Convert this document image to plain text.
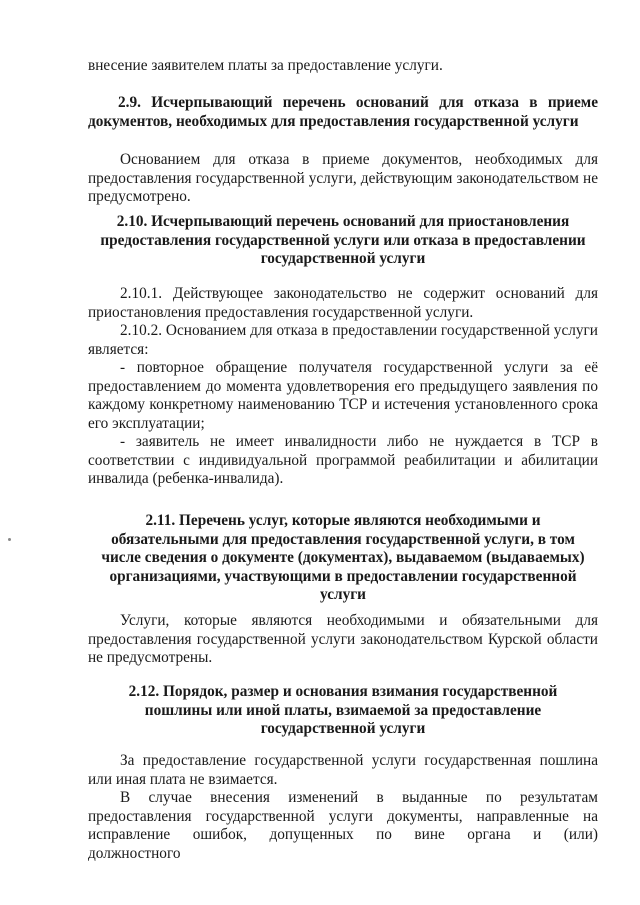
внесение заявителем платы за предоставление услуги.

2.9. Исчерпывающий перечень оснований для отказа в приеме документов, необходимых для предоставления государственной услуги

Основанием для отказа в приеме документов, необходимых для предоставления государственной услуги, действующим законодательством не предусмотрено.

2.10. Исчерпывающий перечень оснований для приостановления предоставления государственной услуги или отказа в предоставлении государственной услуги

2.10.1. Действующее законодательство не содержит оснований для приостановления предоставления государственной услуги.

2.10.2. Основанием для отказа в предоставлении государственной услуги является:

- повторное обращение получателя государственной услуги за её предоставлением до момента удовлетворения его предыдущего заявления по каждому конкретному наименованию ТСР и истечения установленного срока его эксплуатации;

- заявитель не имеет инвалидности либо не нуждается в ТСР в соответствии с индивидуальной программой реабилитации и абилитации инвалида (ребенка-инвалида).

2.11. Перечень услуг, которые являются необходимыми и обязательными для предоставления государственной услуги, в том числе сведения о документе (документах), выдаваемом (выдаваемых) организациями, участвующими в предоставлении государственной услуги

Услуги, которые являются необходимыми и обязательными для предоставления государственной услуги законодательством Курской области не предусмотрены.

2.12. Порядок, размер и основания взимания государственной пошлины или иной платы, взимаемой за предоставление государственной услуги

За предоставление государственной услуги государственная пошлина или иная плата не взимается.

В случае внесения изменений в выданные по результатам предоставления государственной услуги документы, направленные на исправление ошибок, допущенных по вине органа и (или) должностного
